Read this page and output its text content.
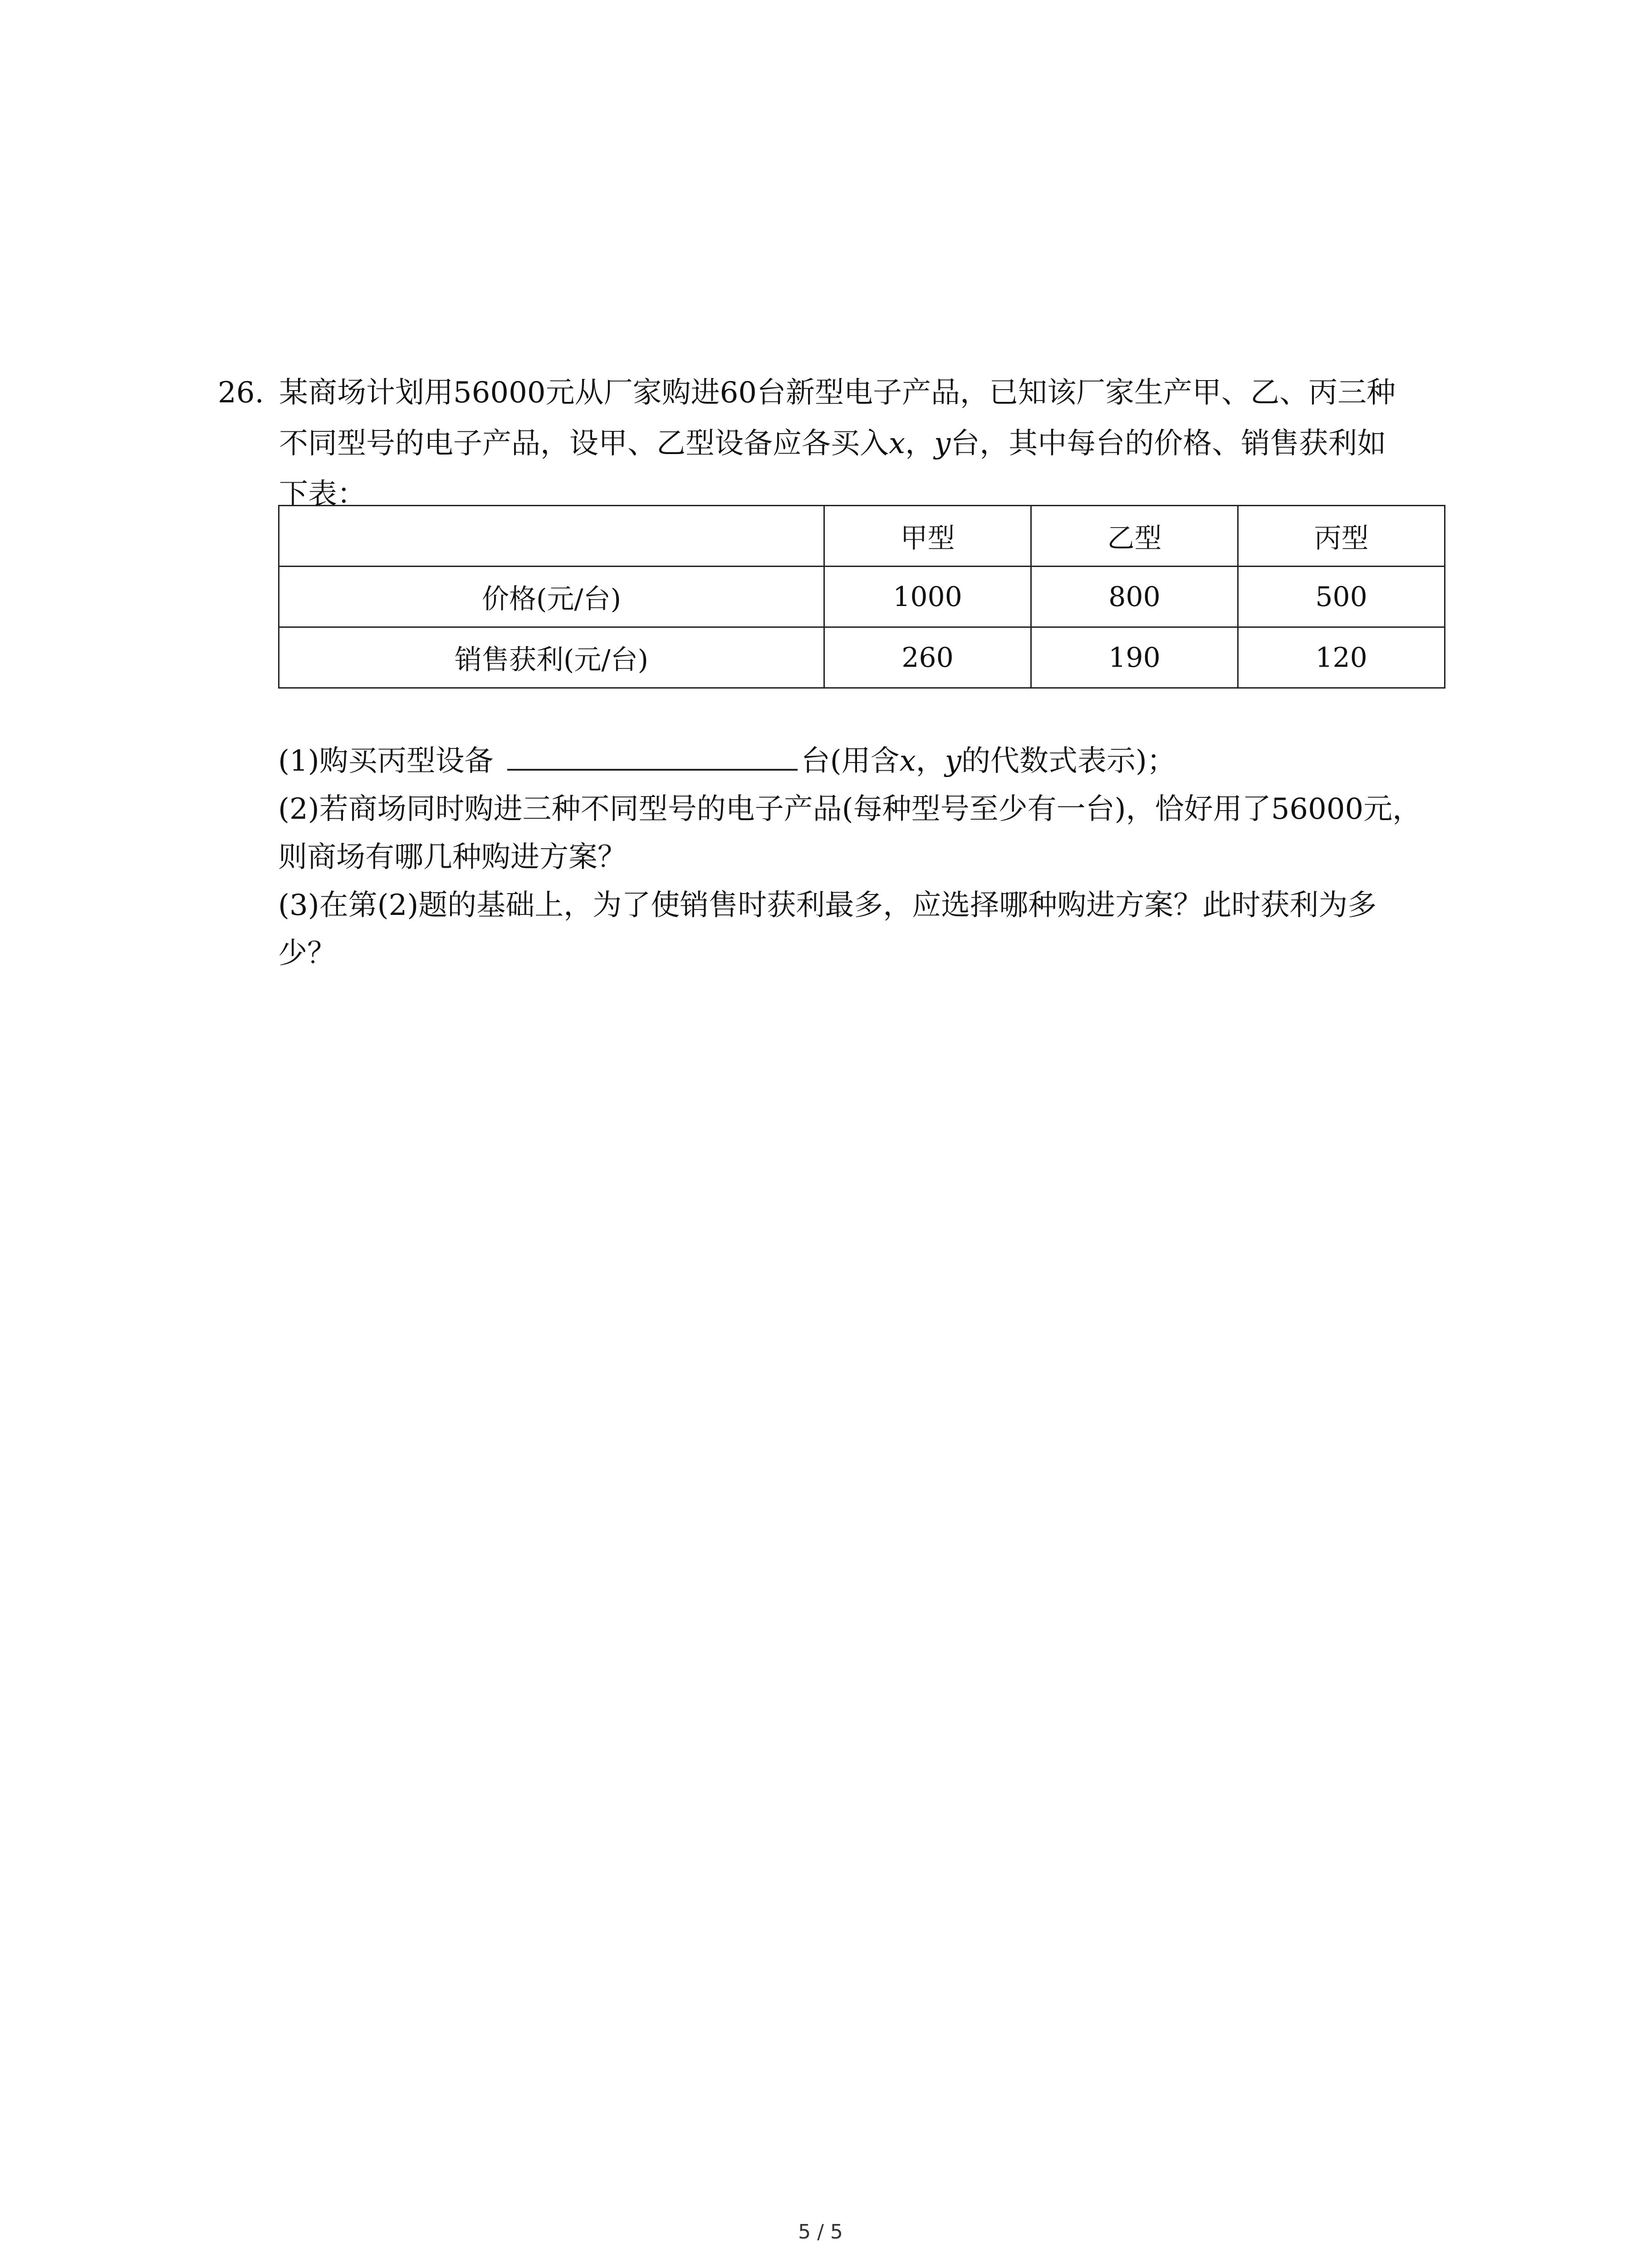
26. 某商场计划用56000元从厂家购进60台新型电子产品，已知该厂家生产甲、乙、丙三种
不同型号的电子产品，设甲、乙型设备应各买入x，y台，其中每台的价格、销售获利如
下表：
	甲型	乙型	丙型
价格(元/台)	1000	800	500
销售获利(元/台)	260	190	120
(1)购买丙型设备	台(用含x，y的代数式表示)；
(2)若商场同时购进三种不同型号的电子产品(每种型号至少有一台)，恰好用了56000元，
则商场有哪几种购进方案？
(3)在第(2)题的基础上，为了使销售时获利最多，应选择哪种购进方案？此时获利为多
少？
5 / 5
